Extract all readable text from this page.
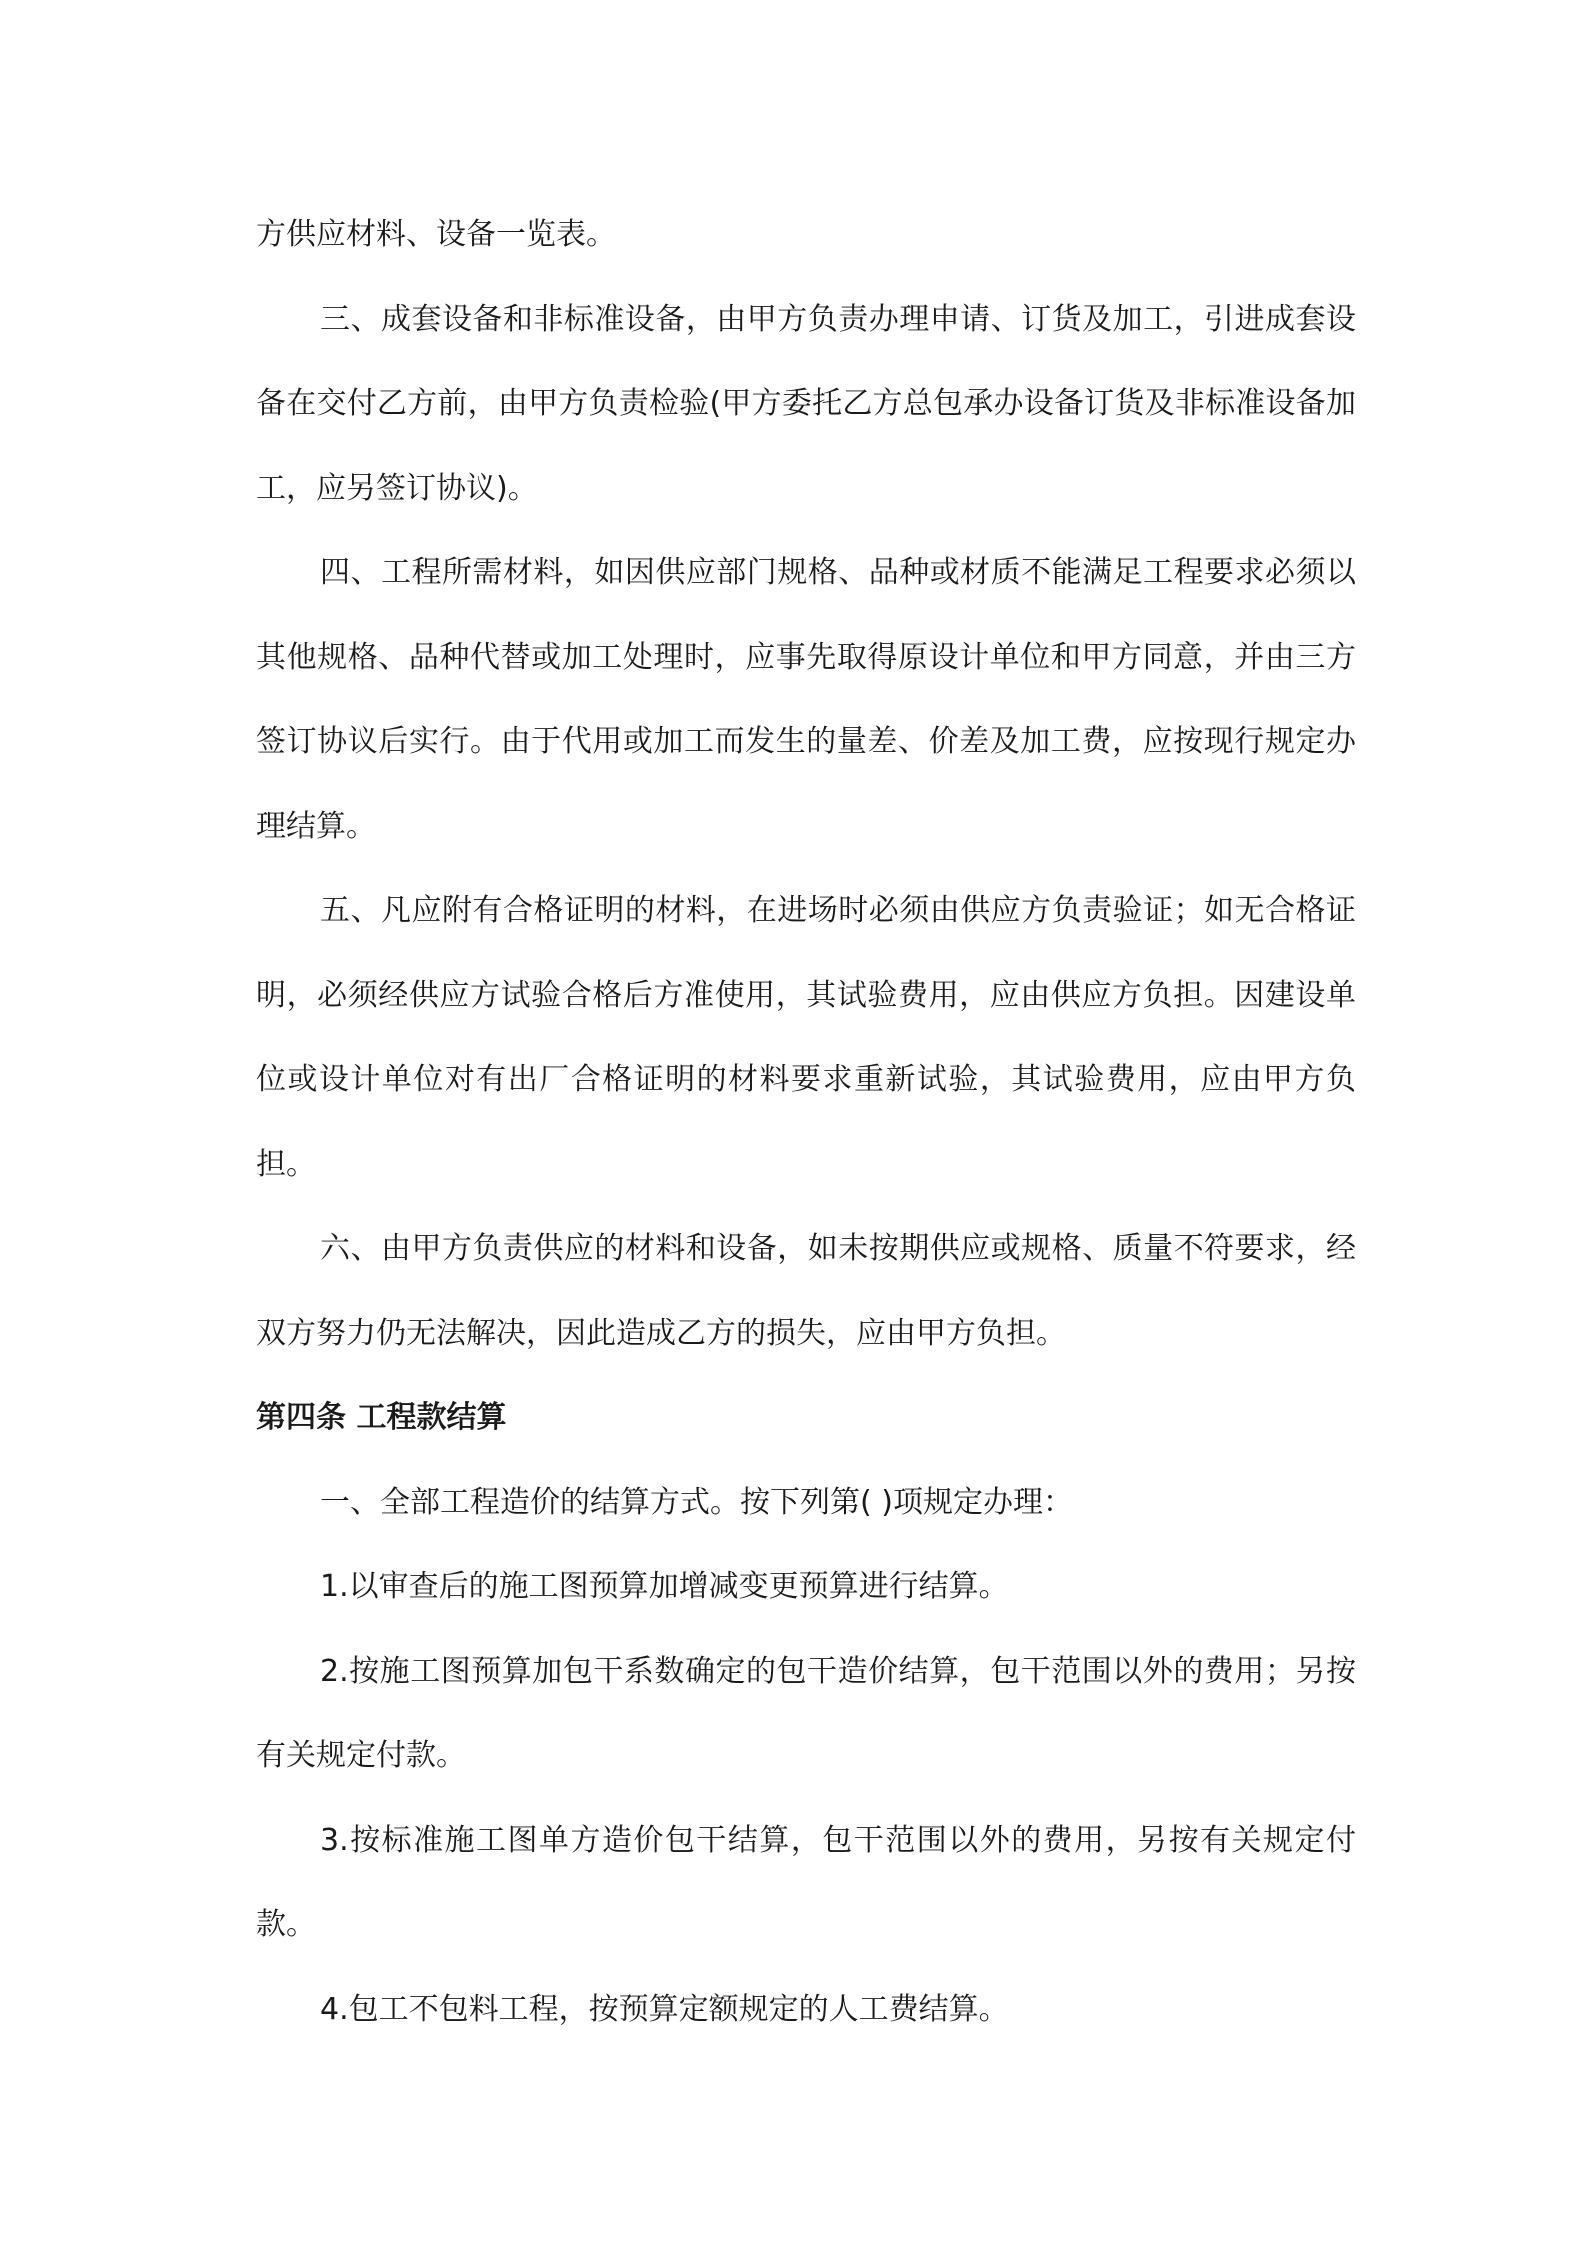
方供应材料、设备一览表。

三、成套设备和非标准设备，由甲方负责办理申请、订货及加工，引进成套设备在交付乙方前，由甲方负责检验(甲方委托乙方总包承办设备订货及非标准设备加工，应另签订协议)。

四、工程所需材料，如因供应部门规格、品种或材质不能满足工程要求必须以其他规格、品种代替或加工处理时，应事先取得原设计单位和甲方同意，并由三方签订协议后实行。由于代用或加工而发生的量差、价差及加工费，应按现行规定办理结算。

五、凡应附有合格证明的材料，在进场时必须由供应方负责验证；如无合格证明，必须经供应方试验合格后方准使用，其试验费用，应由供应方负担。因建设单位或设计单位对有出厂合格证明的材料要求重新试验，其试验费用，应由甲方负担。

六、由甲方负责供应的材料和设备，如未按期供应或规格、质量不符要求，经双方努力仍无法解决，因此造成乙方的损失，应由甲方负担。

第四条 工程款结算

一、全部工程造价的结算方式。按下列第( )项规定办理：

1.以审查后的施工图预算加增减变更预算进行结算。

2.按施工图预算加包干系数确定的包干造价结算，包干范围以外的费用；另按有关规定付款。

3.按标准施工图单方造价包干结算，包干范围以外的费用，另按有关规定付款。

4.包工不包料工程，按预算定额规定的人工费结算。
